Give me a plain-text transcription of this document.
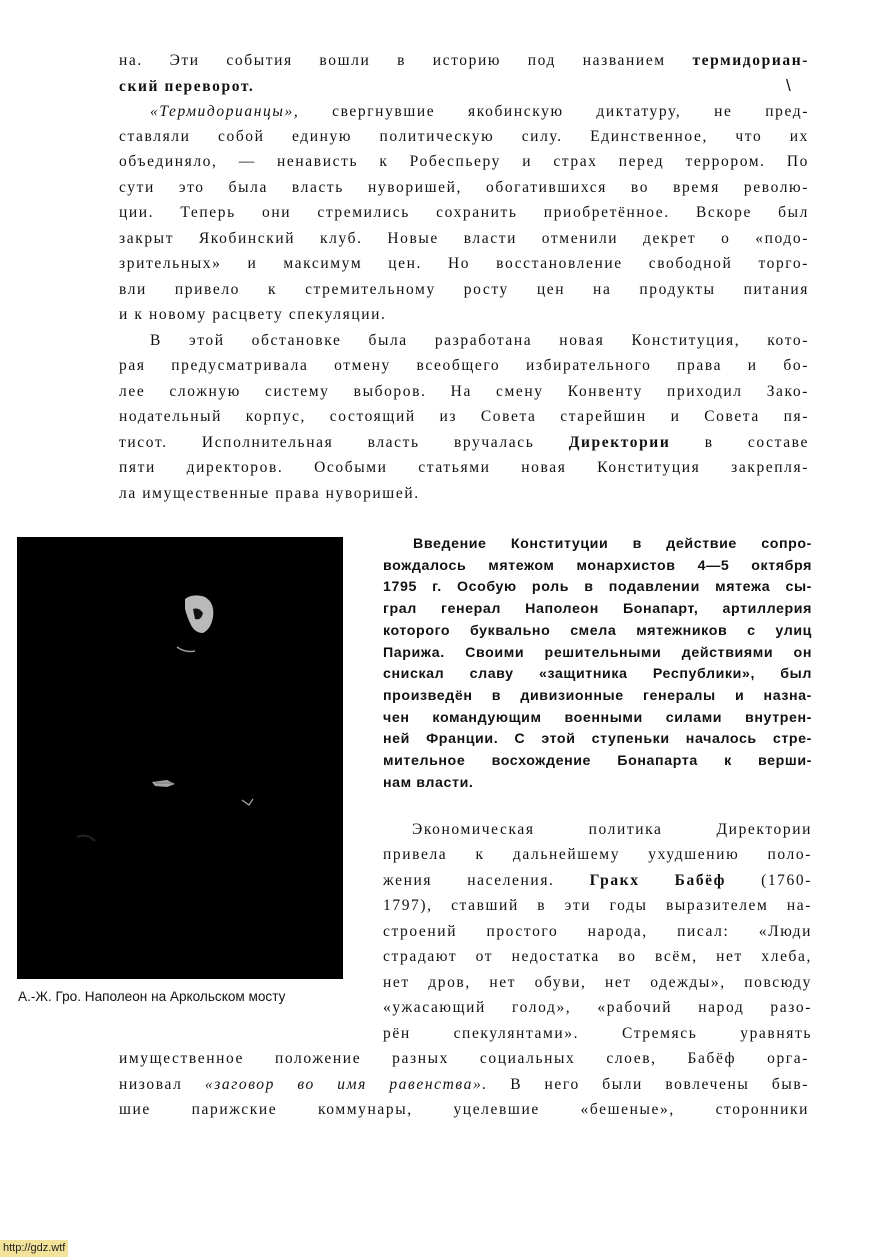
на. Эти события вошли в историю под названием термидориан-
ский переворот.	\
«Термидорианцы», свергнувшие якобинскую диктатуру, не пред-
ставляли собой единую политическую силу. Единственное, что их
объединяло, — ненависть к Робеспьеру и страх перед террором. По
сути это была власть нуворишей, обогатившихся во время револю-
ции. Теперь они стремились сохранить приобретённое. Вскоре был
закрыт Якобинский клуб. Новые власти отменили декрет о «подо-
зрительных» и максимум цен. Но восстановление свободной торго-
вли привело к стремительному росту цен на продукты питания
и к новому расцвету спекуляции.
В этой обстановке была разработана новая Конституция, кото-
рая предусматривала отмену всеобщего избирательного права и бо-
лее сложную систему выборов. На смену Конвенту приходил Зако-
нодательный корпус, состоящий из Совета старейшин и Совета пя-
тисот. Исполнительная власть вручалась Директории в составе
пяти директоров. Особыми статьями новая Конституция закрепля-
ла имущественные права нуворишей.
А.-Ж. Гро. Наполеон на Аркольском мосту
Введение Конституции в действие сопро-
вождалось мятежом монархистов 4—5 октября
1795 г. Особую роль в подавлении мятежа сы-
грал генерал Наполеон Бонапарт, артиллерия
которого буквально смела мятежников с улиц
Парижа. Своими решительными действиями он
снискал славу «защитника Республики», был
произведён в дивизионные генералы и назна-
чен командующим военными силами внутрен-
ней Франции. С этой ступеньки началось стре-
мительное восхождение Бонапарта к верши-
нам власти.
Экономическая политика Директории
привела к дальнейшему ухудшению поло-
жения населения. Гракх Бабёф (1760-
1797), ставший в эти годы выразителем на-
строений простого народа, писал: «Люди
страдают от недостатка во всём, нет хлеба,
нет дров, нет обуви, нет одежды», повсюду
«ужасающий голод», «рабочий народ разо-
рён спекулянтами». Стремясь уравнять
имущественное положение разных социальных слоев, Бабёф орга-
низовал «заговор во имя равенства». В него были вовлечены быв-
шие парижские коммунары, уцелевшие «бешеные», сторонники
http://gdz.wtf
